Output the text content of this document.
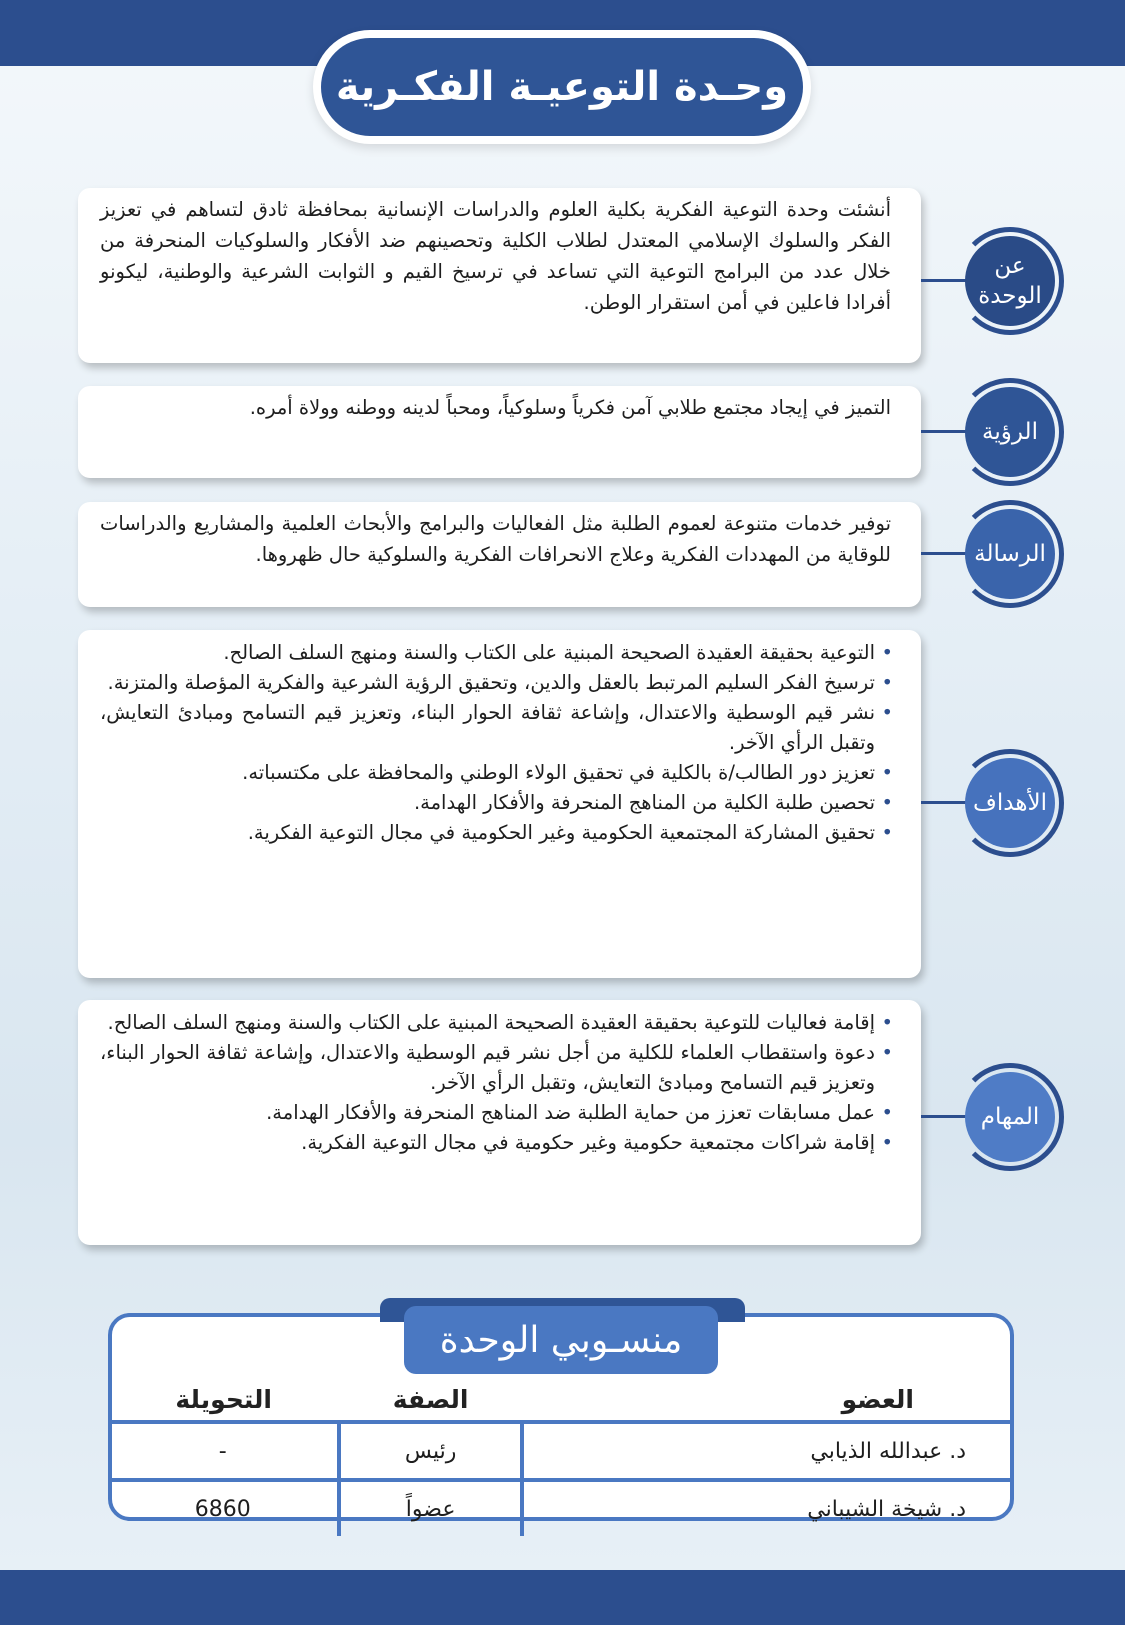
وحـدة التوعيـة الفكـرية
أنشئت وحدة التوعية الفكرية بكلية العلوم والدراسات الإنسانية بمحافظة ثادق لتساهم في تعزيز الفكر والسلوك الإسلامي المعتدل لطلاب الكلية وتحصينهم ضد الأفكار والسلوكيات المنحرفة من خلال عدد من البرامج التوعية التي تساعد في ترسيخ القيم و الثوابت الشرعية والوطنية، ليكونو أفرادا فاعلين في أمن استقرار الوطن.
عن الوحدة
التميز في إيجاد مجتمع طلابي آمن فكرياً وسلوكياً، ومحباً لدينه ووطنه وولاة أمره.
الرؤية
توفير خدمات متنوعة لعموم الطلبة مثل الفعاليات والبرامج والأبحاث العلمية والمشاريع والدراسات للوقاية من المهددات الفكرية وعلاج الانحرافات الفكرية والسلوكية حال ظهروها.	الرسالة
• التوعية بحقيقة العقيدة الصحيحة المبنية على الكتاب والسنة ومنهج السلف الصالح.
• ترسيخ الفكر السليم المرتبط بالعقل والدين، وتحقيق الرؤية الشرعية والفكرية المؤصلة والمتزنة.
• نشر قيم الوسطية والاعتدال، وإشاعة ثقافة الحوار البناء، وتعزيز قيم التسامح ومبادئ التعايش، وتقبل الرأي الآخر.
• تعزيز دور الطالب/ة بالكلية في تحقيق الولاء الوطني والمحافظة على مكتسباته.
• تحصين طلبة الكلية من المناهج المنحرفة والأفكار الهدامة.
• تحقيق المشاركة المجتمعية الحكومية وغير الحكومية في مجال التوعية الفكرية.
الأهداف
• إقامة فعاليات للتوعية بحقيقة العقيدة الصحيحة المبنية على الكتاب والسنة ومنهج السلف الصالح.
• دعوة واستقطاب العلماء للكلية من أجل نشر قيم الوسطية والاعتدال، وإشاعة ثقافة الحوار البناء، وتعزيز قيم التسامح ومبادئ التعايش، وتقبل الرأي الآخر.
• عمل مسابقات تعزز من حماية الطلبة ضد المناهج المنحرفة والأفكار الهدامة.
• إقامة شراكات مجتمعية حكومية وغير حكومية في مجال التوعية الفكرية.
المهام
منسـوبي الوحدة
العضو	الصفة	التحويلة
د. عبدالله الذيابي	رئيس	-
د. شيخة الشيباني	عضواً	6860
